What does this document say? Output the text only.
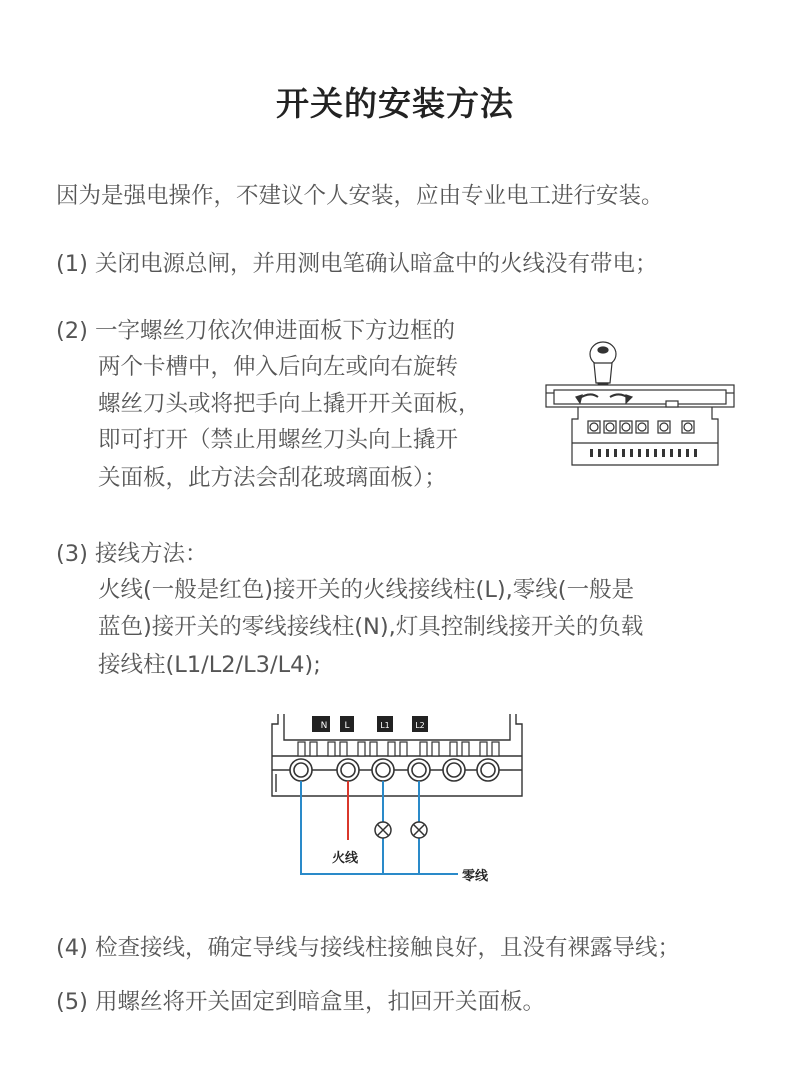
开关的安装方法
因为是强电操作，不建议个人安装，应由专业电工进行安装。
(1) 关闭电源总闸，并用测电笔确认暗盒中的火线没有带电；
(2) 一字螺丝刀依次伸进面板下方边框的
两个卡槽中，伸入后向左或向右旋转
螺丝刀头或将把手向上撬开开关面板，
即可打开（禁止用螺丝刀头向上撬开
关面板，此方法会刮花玻璃面板）；
(3) 接线方法：
火线(一般是红色)接开关的火线接线柱(L),零线(一般是
蓝色)接开关的零线接线柱(N),灯具控制线接开关的负载
接线柱(L1/L2/L3/L4);
N L	L1	L2
火线
零线
(4) 检查接线，确定导线与接线柱接触良好，且没有裸露导线；
(5) 用螺丝将开关固定到暗盒里，扣回开关面板。
